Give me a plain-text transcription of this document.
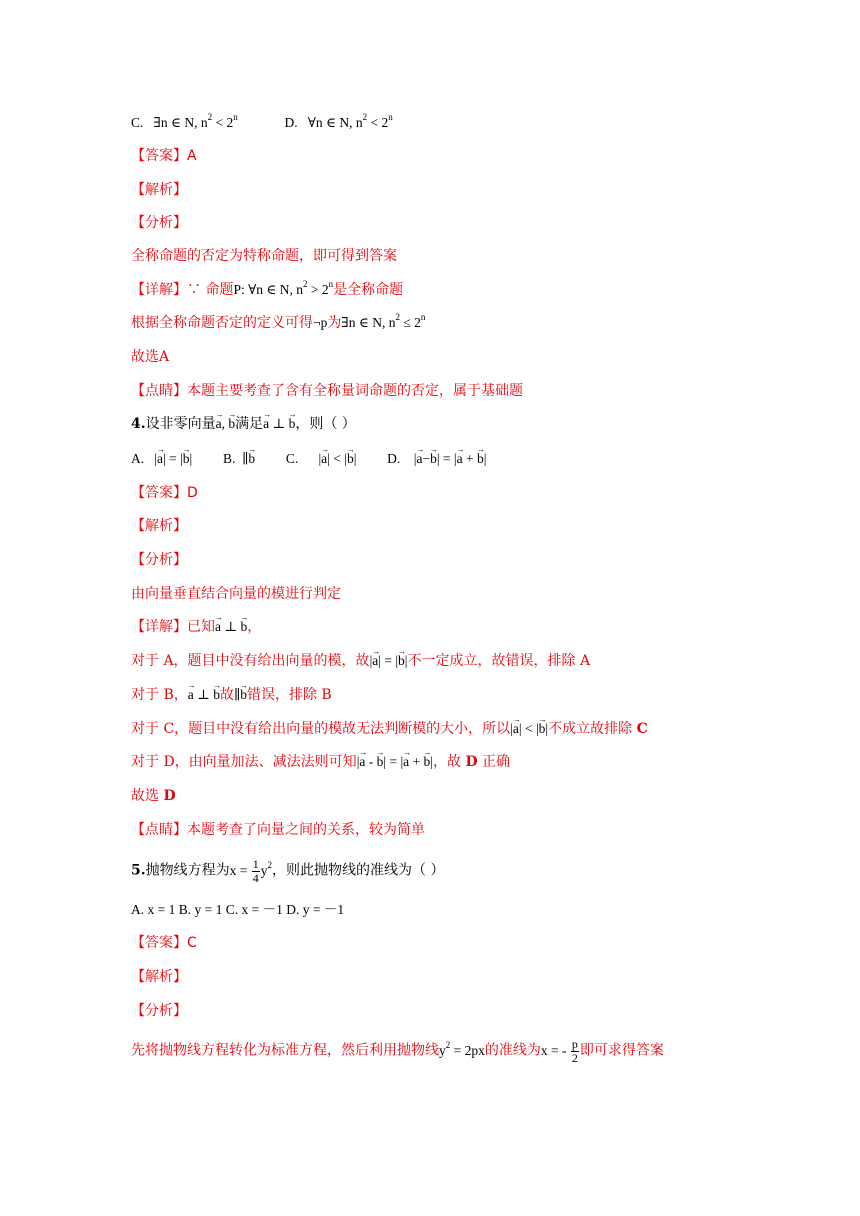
C. ∃n ∈ N, $n^2 < 2^n$	D. ∀n ∈ N, $n^2 < 2^n$
【答案】A
【解析】
【分析】
全称命题的否定为特称命题，即可得到答案
【详解】∵ 命题P: ∀n ∈ N, $n^2 > 2^n$是全称命题
根据全称命题否定的定义可得¬p为∃n ∈ N, $n^2 \le 2^n$
故选A
【点睛】本题主要考查了含有全称量词命题的否定，属于基础题
4.设非零向量→ a, → b满足→ a ⊥ → b，则（ ）
A.   |→ a| = |→ b|  B.  ∥→ b C.      |→ a| < |→ b|  D.    |→ a−→ b| = |→ a + → b|
【答案】D
【解析】
【分析】
由向量垂直结合向量的模进行判定
【详解】已知→ a ⊥ → b，
对于 A，题目中没有给出向量的模，故|→ a| = |→ b|不一定成立，故错误，排除 A
对于 B，→ a ⊥ → b故∥→ b错误，排除 B
对于 C，题目中没有给出向量的模故无法判断模的大小，所以|→ a| < |→ b|不成立故排除 C
对于 D，由向量加法、减法法则可知|→ a - → b| = |→ a + → b|，故 D 正确
故选 D
【点睛】本题考查了向量之间的关系，较为简单
5.抛物线方程为$x = \frac{1}{4} y^2$，则此抛物线的准线为（ ）
A. x = 1 B. y = 1 C. x = －1 D. y = －1
【答案】C
【解析】
【分析】
先将抛物线方程转化为标准方程，然后利用抛物线$y^2 = 2px$的准线为x = - $\frac{p}{2}$ 即可求得答案
